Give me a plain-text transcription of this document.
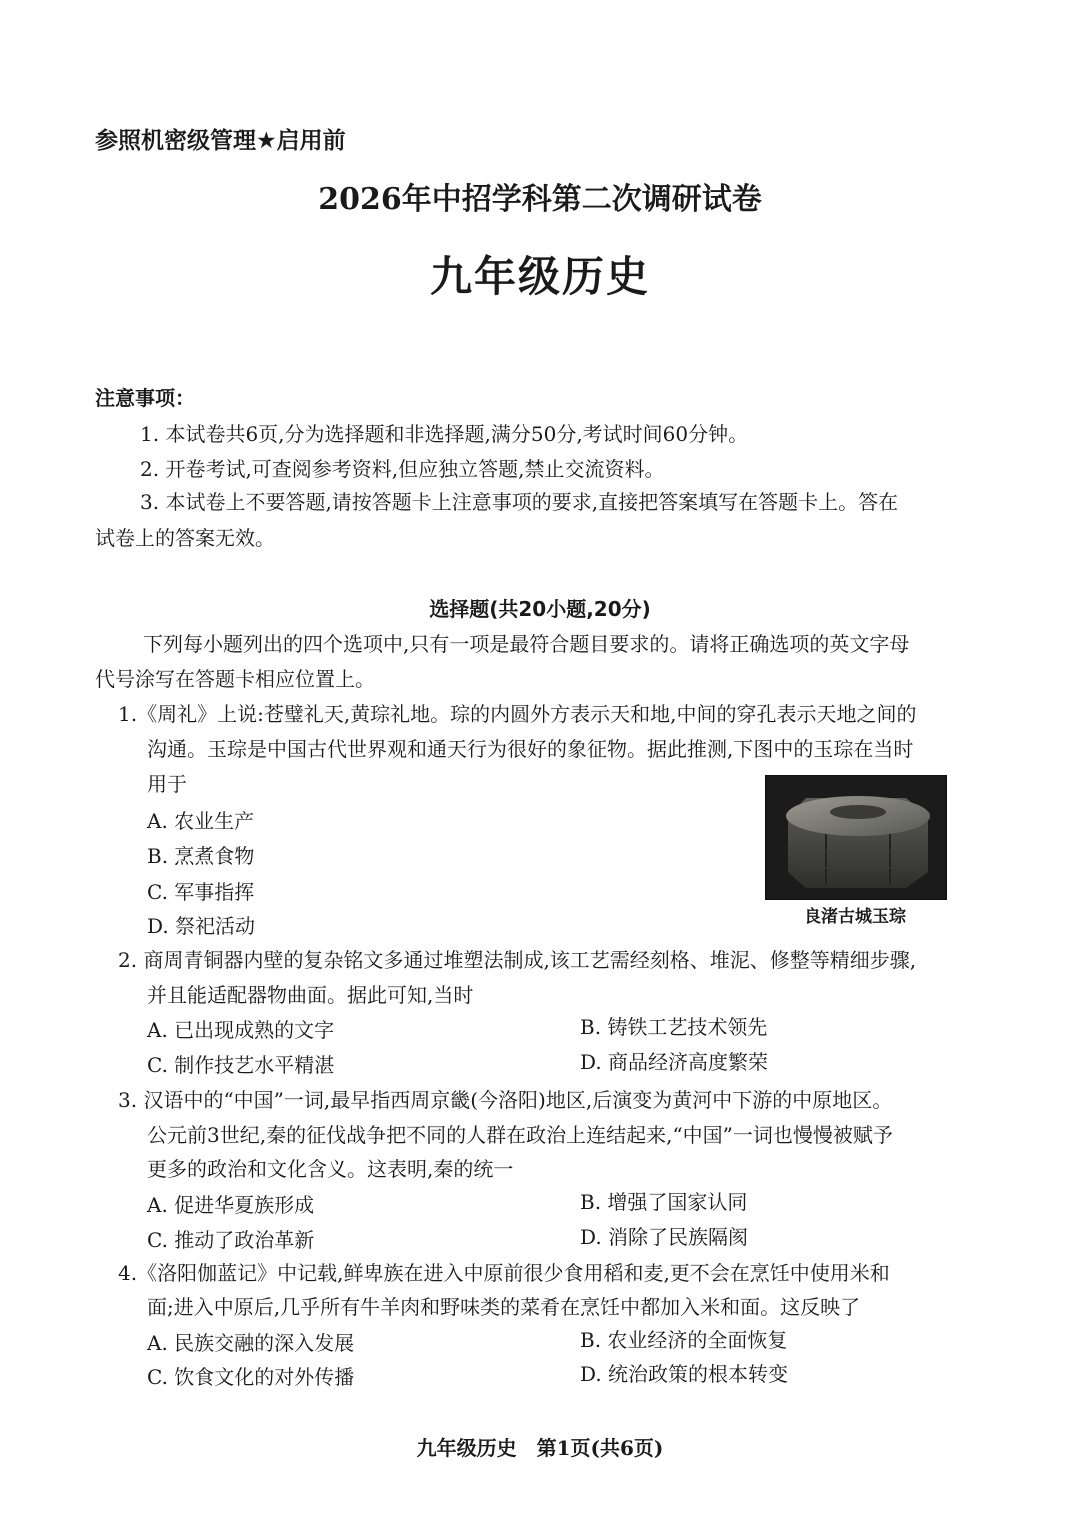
参照机密级管理★启用前
2026年中招学科第二次调研试卷
九年级历史
注意事项：
1. 本试卷共6页,分为选择题和非选择题,满分50分,考试时间60分钟。
2. 开卷考试,可查阅参考资料,但应独立答题,禁止交流资料。
3. 本试卷上不要答题,请按答题卡上注意事项的要求,直接把答案填写在答题卡上。答在
试卷上的答案无效。
选择题(共20小题,20分)
下列每小题列出的四个选项中,只有一项是最符合题目要求的。请将正确选项的英文字母
代号涂写在答题卡相应位置上。
1.《周礼》上说:苍璧礼天,黄琮礼地。琮的内圆外方表示天和地,中间的穿孔表示天地之间的
沟通。玉琮是中国古代世界观和通天行为很好的象征物。据此推测,下图中的玉琮在当时
用于
A. 农业生产
B. 烹煮食物
C. 军事指挥
D. 祭祀活动	良渚古城玉琮
2. 商周青铜器内壁的复杂铭文多通过堆塑法制成,该工艺需经刻格、堆泥、修整等精细步骤,
并且能适配器物曲面。据此可知,当时
A. 已出现成熟的文字	B. 铸铁工艺技术领先
C. 制作技艺水平精湛	D. 商品经济高度繁荣
3. 汉语中的“中国”一词,最早指西周京畿(今洛阳)地区,后演变为黄河中下游的中原地区。
公元前3世纪,秦的征伐战争把不同的人群在政治上连结起来,“中国”一词也慢慢被赋予
更多的政治和文化含义。这表明,秦的统一
A. 促进华夏族形成	B. 增强了国家认同
C. 推动了政治革新	D. 消除了民族隔阂
4.《洛阳伽蓝记》中记载,鲜卑族在进入中原前很少食用稻和麦,更不会在烹饪中使用米和
面;进入中原后,几乎所有牛羊肉和野味类的菜肴在烹饪中都加入米和面。这反映了
A. 民族交融的深入发展	B. 农业经济的全面恢复
C. 饮食文化的对外传播	D. 统治政策的根本转变
九年级历史　第1页(共6页)
